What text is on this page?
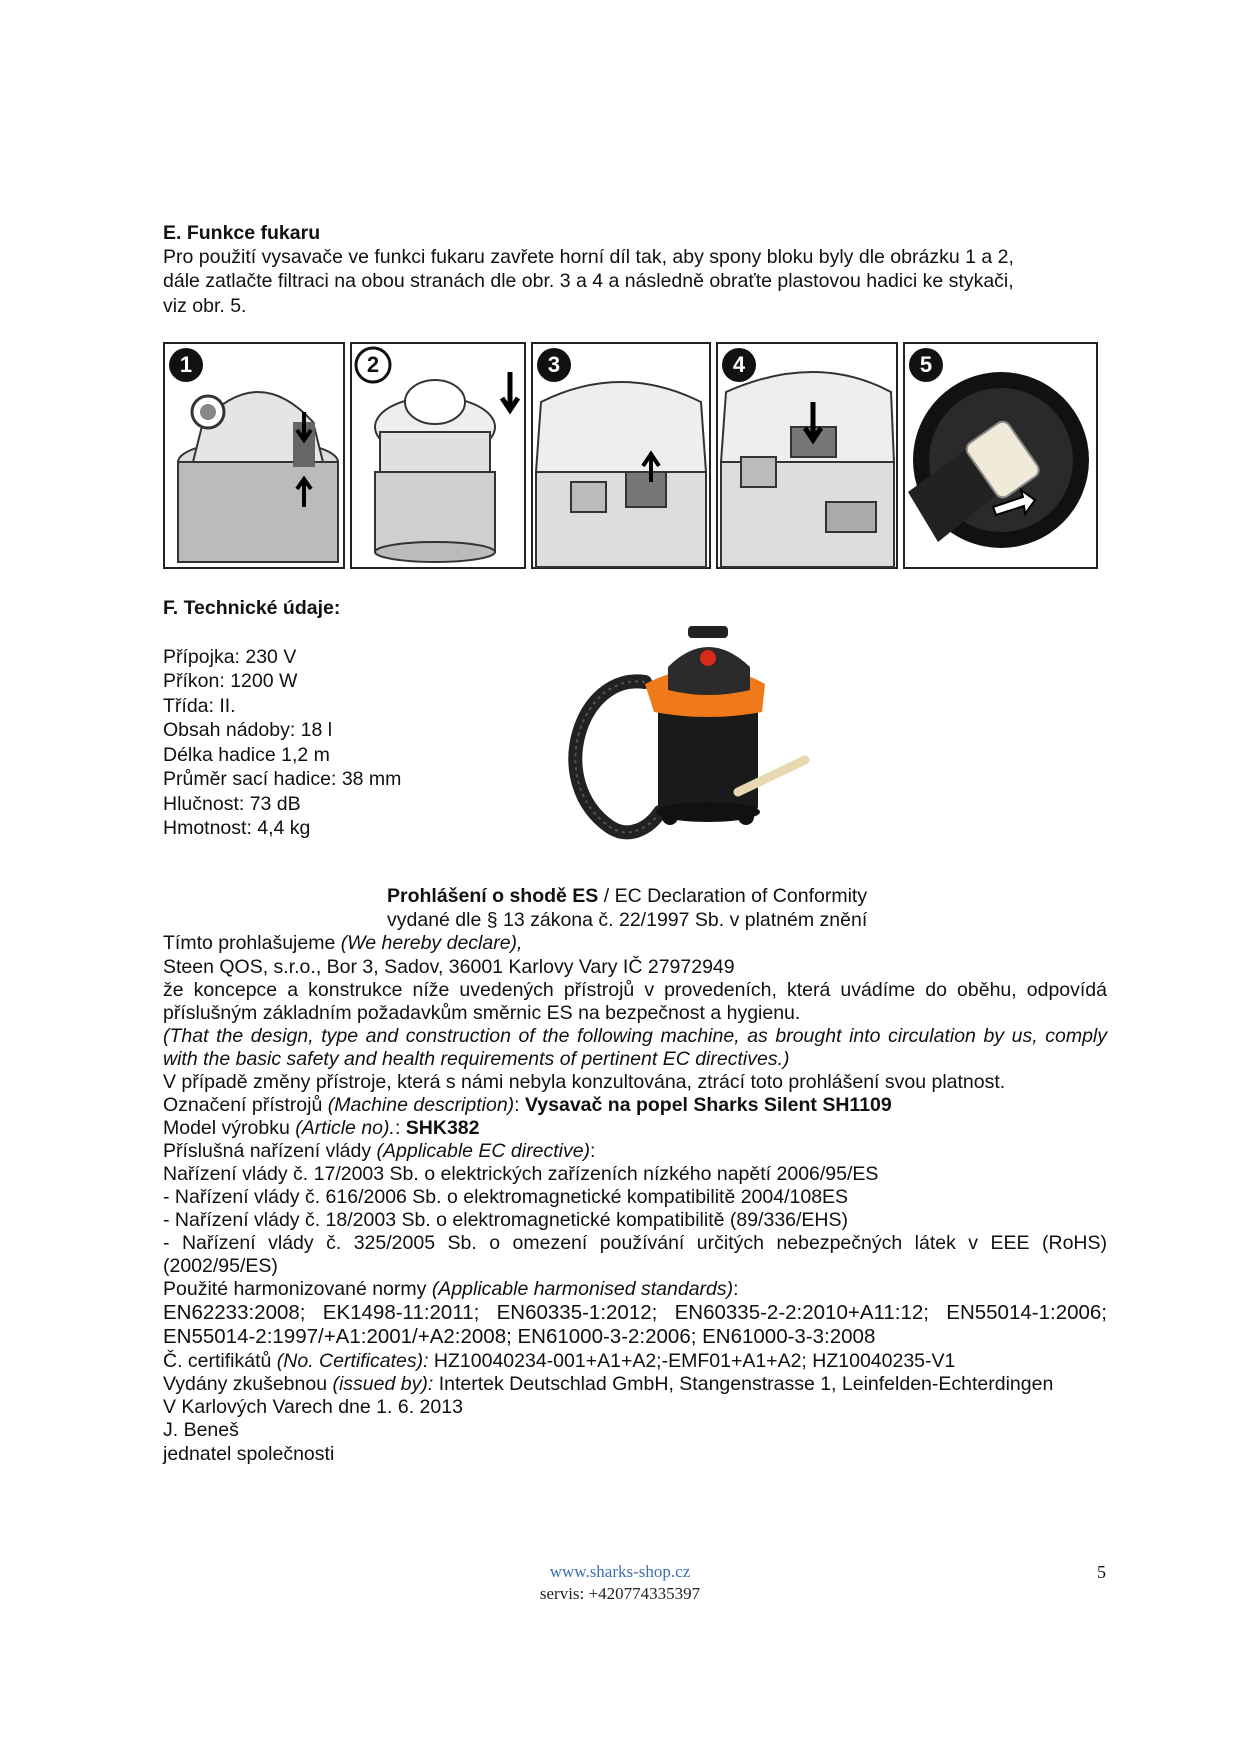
E. Funkce fukaru
Pro použití vysavače ve funkci fukaru zavřete horní díl tak, aby spony bloku byly dle obrázku 1 a 2,
dále zatlačte filtraci na obou stranách dle obr. 3 a 4 a následně obraťte plastovou hadici ke stykači,
viz obr. 5.
1	2	3	4	5
F. Technické údaje:
Přípojka: 230 V
Příkon: 1200 W
Třída: II.
Obsah nádoby: 18 l
Délka hadice 1,2 m
Průměr sací hadice: 38 mm
Hlučnost: 73 dB
Hmotnost: 4,4 kg
Prohlášení o shodě ES / EC Declaration of Conformity
vydané dle § 13 zákona č. 22/1997 Sb. v platném znění
Tímto prohlašujeme (We hereby declare),
Steen QOS, s.r.o., Bor 3, Sadov, 36001 Karlovy Vary IČ 27972949
že koncepce a konstrukce níže uvedených přístrojů v provedeních, která uvádíme do oběhu, odpovídá
příslušným základním požadavkům směrnic ES na bezpečnost a hygienu.
(That the design, type and construction of the following machine, as brought into circulation by us, comply
with the basic safety and health requirements of pertinent EC directives.)
V případě změny přístroje, která s námi nebyla konzultována, ztrácí toto prohlášení svou platnost.
Označení přístrojů (Machine description): Vysavač na popel Sharks Silent SH1109
Model výrobku (Article no).: SHK382
Příslušná nařízení vlády (Applicable EC directive):
Nařízení vlády č. 17/2003 Sb. o elektrických zařízeních nízkého napětí 2006/95/ES
- Nařízení vlády č. 616/2006 Sb. o elektromagnetické kompatibilitě 2004/108ES
- Nařízení vlády č. 18/2003 Sb. o elektromagnetické kompatibilitě (89/336/EHS)
- Nařízení vlády č. 325/2005 Sb. o omezení používání určitých nebezpečných látek v EEE (RoHS)
(2002/95/ES)
Použité harmonizované normy (Applicable harmonised standards):
EN62233:2008; EK1498-11:2011; EN60335-1:2012; EN60335-2-2:2010+A11:12; EN55014-1:2006;
EN55014-2:1997/+A1:2001/+A2:2008; EN61000-3-2:2006; EN61000-3-3:2008
Č. certifikátů (No. Certificates): HZ10040234-001+A1+A2;-EMF01+A1+A2; HZ10040235-V1
Vydány zkušebnou (issued by): Intertek Deutschlad GmbH, Stangenstrasse 1, Leinfelden-Echterdingen
V Karlových Varech dne 1. 6. 2013
J. Beneš
jednatel společnosti
www.sharks-shop.cz
servis: +420774335397
5
